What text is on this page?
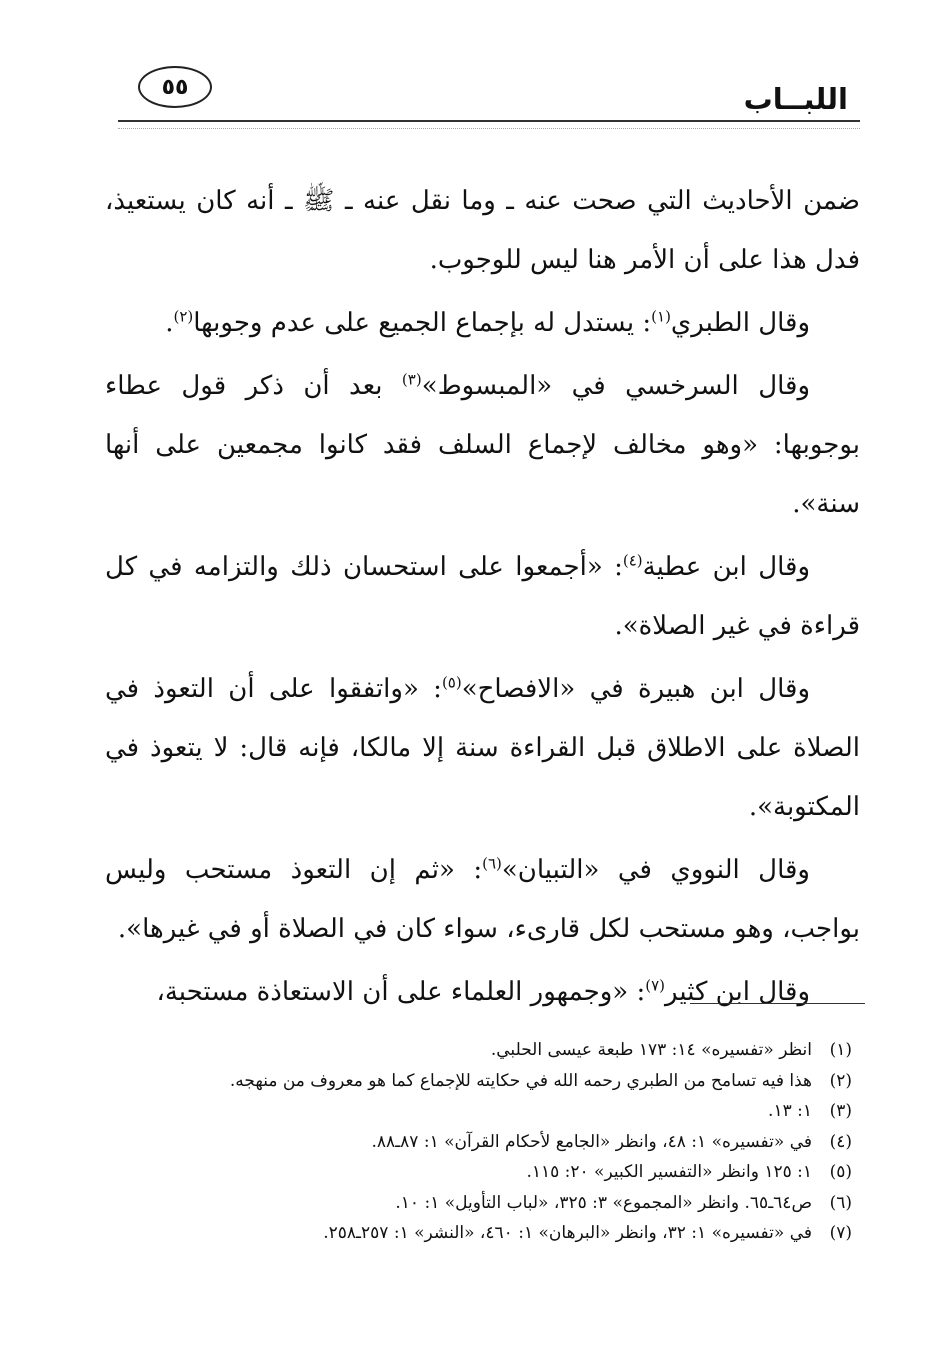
اللبــاب
٥٥

ضمن الأحاديث التي صحت عنه ـ وما نقل عنه ـ ﷺ ـ أنه كان يستعيذ، فدل هذا على أن الأمر هنا ليس للوجوب.

وقال الطبري$^{(١)}$: يستدل له بإجماع الجميع على عدم وجوبها$^{(٢)}$.

وقال السرخسي في «المبسوط»$^{(٣)}$ بعد أن ذكر قول عطاء بوجوبها: «وهو مخالف لإجماع السلف فقد كانوا مجمعين على أنها سنة».

وقال ابن عطية$^{(٤)}$: «أجمعوا على استحسان ذلك والتزامه في كل قراءة في غير الصلاة».

وقال ابن هبيرة في «الافصاح»$^{(٥)}$: «واتفقوا على أن التعوذ في الصلاة على الاطلاق قبل القراءة سنة إلا مالكا، فإنه قال: لا يتعوذ في المكتوبة».

وقال النووي في «التبيان»$^{(٦)}$: «ثم إن التعوذ مستحب وليس بواجب، وهو مستحب لكل قارىء، سواء كان في الصلاة أو في غيرها».

وقال ابن كثير$^{(٧)}$: «وجمهور العلماء على أن الاستعاذة مستحبة،

(١)
انظر «تفسيره» ١٤: ١٧٣ طبعة عيسى الحلبي.
(٢)
هذا فيه تسامح من الطبري رحمه الله في حكايته للإجماع كما هو معروف من منهجه.
(٣)
١: ١٣.
(٤)
في «تفسيره» ١: ٤٨، وانظر «الجامع لأحكام القرآن» ١: ٨٧ـ٨٨.
(٥)
١: ١٢٥ وانظر «التفسير الكبير» ٢٠: ١١٥.
(٦)
ص٦٤ـ٦٥. وانظر «المجموع» ٣: ٣٢٥، «لباب التأويل» ١: ١٠.
(٧)
في «تفسيره» ١: ٣٢، وانظر «البرهان» ١: ٤٦٠، «النشر» ١: ٢٥٧ـ٢٥٨.
